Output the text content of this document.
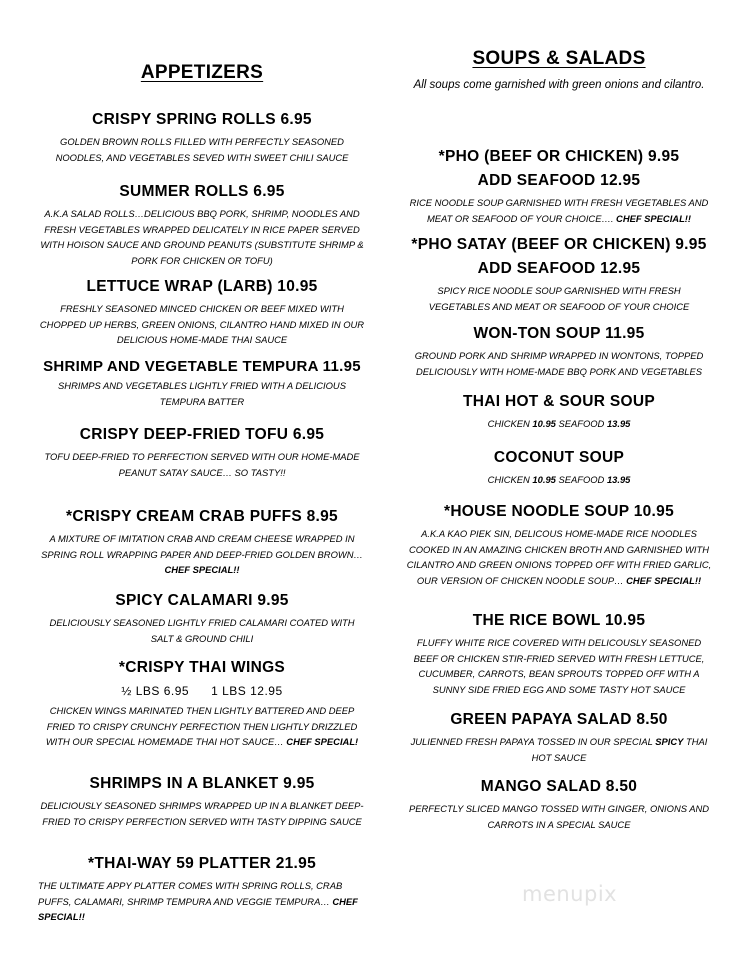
APPETIZERS
CRISPY SPRING ROLLS 6.95
GOLDEN BROWN ROLLS FILLED WITH PERFECTLY SEASONED NOODLES, AND VEGETABLES SEVED WITH SWEET CHILI SAUCE
SUMMER ROLLS 6.95
A.K.A SALAD ROLLS…DELICIOUS BBQ PORK, SHRIMP, NOODLES AND FRESH VEGETABLES WRAPPED DELICATELY IN RICE PAPER SERVED WITH HOISON SAUCE AND GROUND PEANUTS (SUBSTITUTE SHRIMP & PORK FOR CHICKEN OR TOFU)
LETTUCE WRAP (LARB) 10.95
FRESHLY SEASONED MINCED CHICKEN OR BEEF MIXED WITH CHOPPED UP HERBS, GREEN ONIONS, CILANTRO HAND MIXED IN OUR DELICIOUS HOME-MADE THAI SAUCE
SHRIMP AND VEGETABLE TEMPURA 11.95
SHRIMPS AND VEGETABLES LIGHTLY FRIED WITH A DELICIOUS TEMPURA BATTER
CRISPY DEEP-FRIED TOFU 6.95
TOFU DEEP-FRIED TO PERFECTION SERVED WITH OUR HOME-MADE PEANUT SATAY SAUCE… SO TASTY!!
*CRISPY CREAM CRAB PUFFS 8.95
A MIXTURE OF IMITATION CRAB AND CREAM CHEESE WRAPPED IN SPRING ROLL WRAPPING PAPER AND DEEP-FRIED GOLDEN BROWN… CHEF SPECIAL!!
SPICY CALAMARI 9.95
DELICIOUSLY SEASONED LIGHTLY FRIED CALAMARI COATED WITH SALT & GROUND CHILI
*CRISPY THAI WINGS
½ LBS 6.95 1 LBS 12.95
CHICKEN WINGS MARINATED THEN LIGHTLY BATTERED AND DEEP FRIED TO CRISPY CRUNCHY PERFECTION THEN LIGHTLY DRIZZLED WITH OUR SPECIAL HOMEMADE THAI HOT SAUCE… CHEF SPECIAL!
SHRIMPS IN A BLANKET 9.95
DELICIOUSLY SEASONED SHRIMPS WRAPPED UP IN A BLANKET DEEP-FRIED TO CRISPY PERFECTION SERVED WITH TASTY DIPPING SAUCE
*THAI-WAY 59 PLATTER 21.95
THE ULTIMATE APPY PLATTER COMES WITH SPRING ROLLS, CRAB PUFFS, CALAMARI, SHRIMP TEMPURA AND VEGGIE TEMPURA… CHEF SPECIAL!!
SOUPS & SALADS
All soups come garnished with green onions and cilantro.
*PHO (BEEF OR CHICKEN) 9.95
ADD SEAFOOD 12.95
RICE NOODLE SOUP GARNISHED WITH FRESH VEGETABLES AND MEAT OR SEAFOOD OF YOUR CHOICE…. CHEF SPECIAL!!
*PHO SATAY (BEEF OR CHICKEN) 9.95
ADD SEAFOOD 12.95
SPICY RICE NOODLE SOUP GARNISHED WITH FRESH VEGETABLES AND MEAT OR SEAFOOD OF YOUR CHOICE
WON-TON SOUP 11.95
GROUND PORK AND SHRIMP WRAPPED IN WONTONS, TOPPED DELICIOUSLY WITH HOME-MADE BBQ PORK AND VEGETABLES
THAI HOT & SOUR SOUP
CHICKEN 10.95 SEAFOOD 13.95
COCONUT SOUP
CHICKEN 10.95 SEAFOOD 13.95
*HOUSE NOODLE SOUP 10.95
A.K.A KAO PIEK SIN, DELICOUS HOME-MADE RICE NOODLES COOKED IN AN AMAZING CHICKEN BROTH AND GARNISHED WITH CILANTRO AND GREEN ONIONS TOPPED OFF WITH FRIED GARLIC, OUR VERSION OF CHICKEN NOODLE SOUP… CHEF SPECIAL!!
THE RICE BOWL 10.95
FLUFFY WHITE RICE COVERED WITH DELICOUSLY SEASONED BEEF OR CHICKEN STIR-FRIED SERVED WITH FRESH LETTUCE, CUCUMBER, CARROTS, BEAN SPROUTS TOPPED OFF WITH A SUNNY SIDE FRIED EGG AND SOME TASTY HOT SAUCE
GREEN PAPAYA SALAD 8.50
JULIENNED FRESH PAPAYA TOSSED IN OUR SPECIAL SPICY THAI HOT SAUCE
MANGO SALAD 8.50
PERFECTLY SLICED MANGO TOSSED WITH GINGER, ONIONS AND CARROTS IN A SPECIAL SAUCE
menupix
